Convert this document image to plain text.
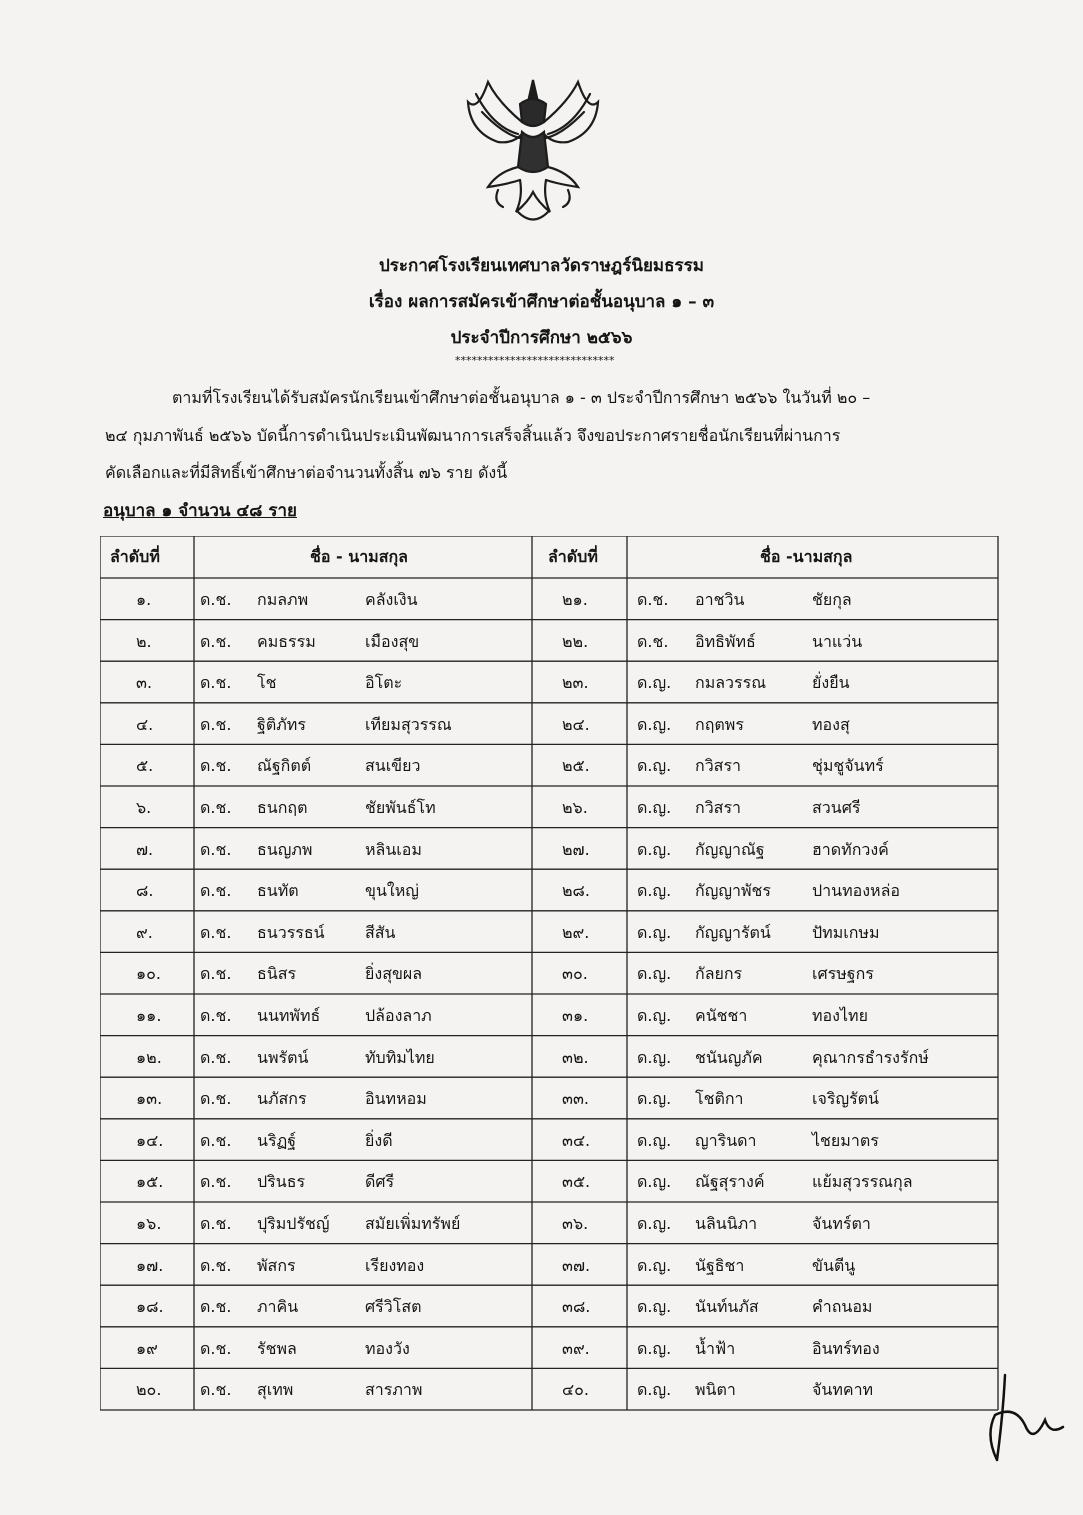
ประกาศโรงเรียนเทศบาลวัดราษฎร์นิยมธรรม
เรื่อง ผลการสมัครเข้าศึกษาต่อชั้นอนุบาล ๑ – ๓
ประจำปีการศึกษา ๒๕๖๖
*****************************
ตามที่โรงเรียนได้รับสมัครนักเรียนเข้าศึกษาต่อชั้นอนุบาล ๑ - ๓ ประจำปีการศึกษา ๒๕๖๖ ในวันที่ ๒๐ –
๒๔ กุมภาพันธ์ ๒๕๖๖ บัดนี้การดำเนินประเมินพัฒนาการเสร็จสิ้นแล้ว จึงขอประกาศรายชื่อนักเรียนที่ผ่านการ
คัดเลือกและที่มีสิทธิ์เข้าศึกษาต่อจำนวนทั้งสิ้น ๗๖ ราย ดังนี้
อนุบาล ๑ จำนวน ๔๘ ราย
ลำดับที่	ชื่อ - นามสกุล	ลำดับที่	ชื่อ -นามสกุล
๑.	ด.ช. กมลภพ	คลังเงิน	๒๑.	ด.ช. อาชวิน	ชัยกุล
๒.	ด.ช. คมธรรม	เมืองสุข	๒๒.	ด.ช. อิทธิพัทธ์	นาแว่น
๓.	ด.ช. โช	อิโตะ	๒๓.	ด.ญ. กมลวรรณ	ยั่งยืน
๔.	ด.ช. ฐิติภัทร	เทียมสุวรรณ	๒๔.	ด.ญ. กฤตพร	ทองสุ
๕.	ด.ช. ณัฐกิตต์	สนเขียว	๒๕.	ด.ญ. กวิสรา	ชุ่มชูจันทร์
๖.	ด.ช. ธนกฤต	ชัยพันธ์โท	๒๖.	ด.ญ. กวิสรา	สวนศรี
๗.	ด.ช. ธนญภพ	หลินเอม	๒๗.	ด.ญ. กัญญาณัฐ	ฮาดทักวงค์
๘.	ด.ช. ธนทัต	ขุนใหญ่	๒๘.	ด.ญ. กัญญาพัชร	ปานทองหล่อ
๙.	ด.ช. ธนวรรธน์	สีสัน	๒๙.	ด.ญ. กัญญารัตน์	ปัทมเกษม
๑๐. ด.ช. ธนิสร	ยิ่งสุขผล	๓๐.	ด.ญ. กัลยกร	เศรษฐกร
๑๑. ด.ช. นนทพัทธ์	ปล้องลาภ	๓๑.	ด.ญ. คนัชชา	ทองไทย
๑๒. ด.ช. นพรัตน์	ทับทิมไทย	๓๒.	ด.ญ. ชนันญภัค	คุณากรธำรงรักษ์
๑๓. ด.ช. นภัสกร	อินทหอม	๓๓.	ด.ญ. โชติกา	เจริญรัตน์
๑๔. ด.ช. นริฏฐ์	ยิ่งดี	๓๔.	ด.ญ. ญารินดา	ไชยมาตร
๑๕. ด.ช. ปรินธร	ดีศรี	๓๕.	ด.ญ. ณัฐสุรางค์	แย้มสุวรรณกุล
๑๖. ด.ช. ปุริมปรัชญ์ สมัยเพิ่มทรัพย์	๓๖.	ด.ญ. นลินนิภา	จันทร์ตา
๑๗. ด.ช. พัสกร	เรียงทอง	๓๗.	ด.ญ. นัฐธิชา	ขันตีนู
๑๘. ด.ช. ภาคิน	ศรีวิโสต	๓๘.	ด.ญ. นันท์นภัส	คำถนอม
๑๙	ด.ช. รัชพล	ทองวัง	๓๙.	ด.ญ. น้ำฟ้า	อินทร์ทอง
๒๐. ด.ช. สุเทพ	สารภาพ	๔๐.	ด.ญ. พนิตา	จันทคาท
